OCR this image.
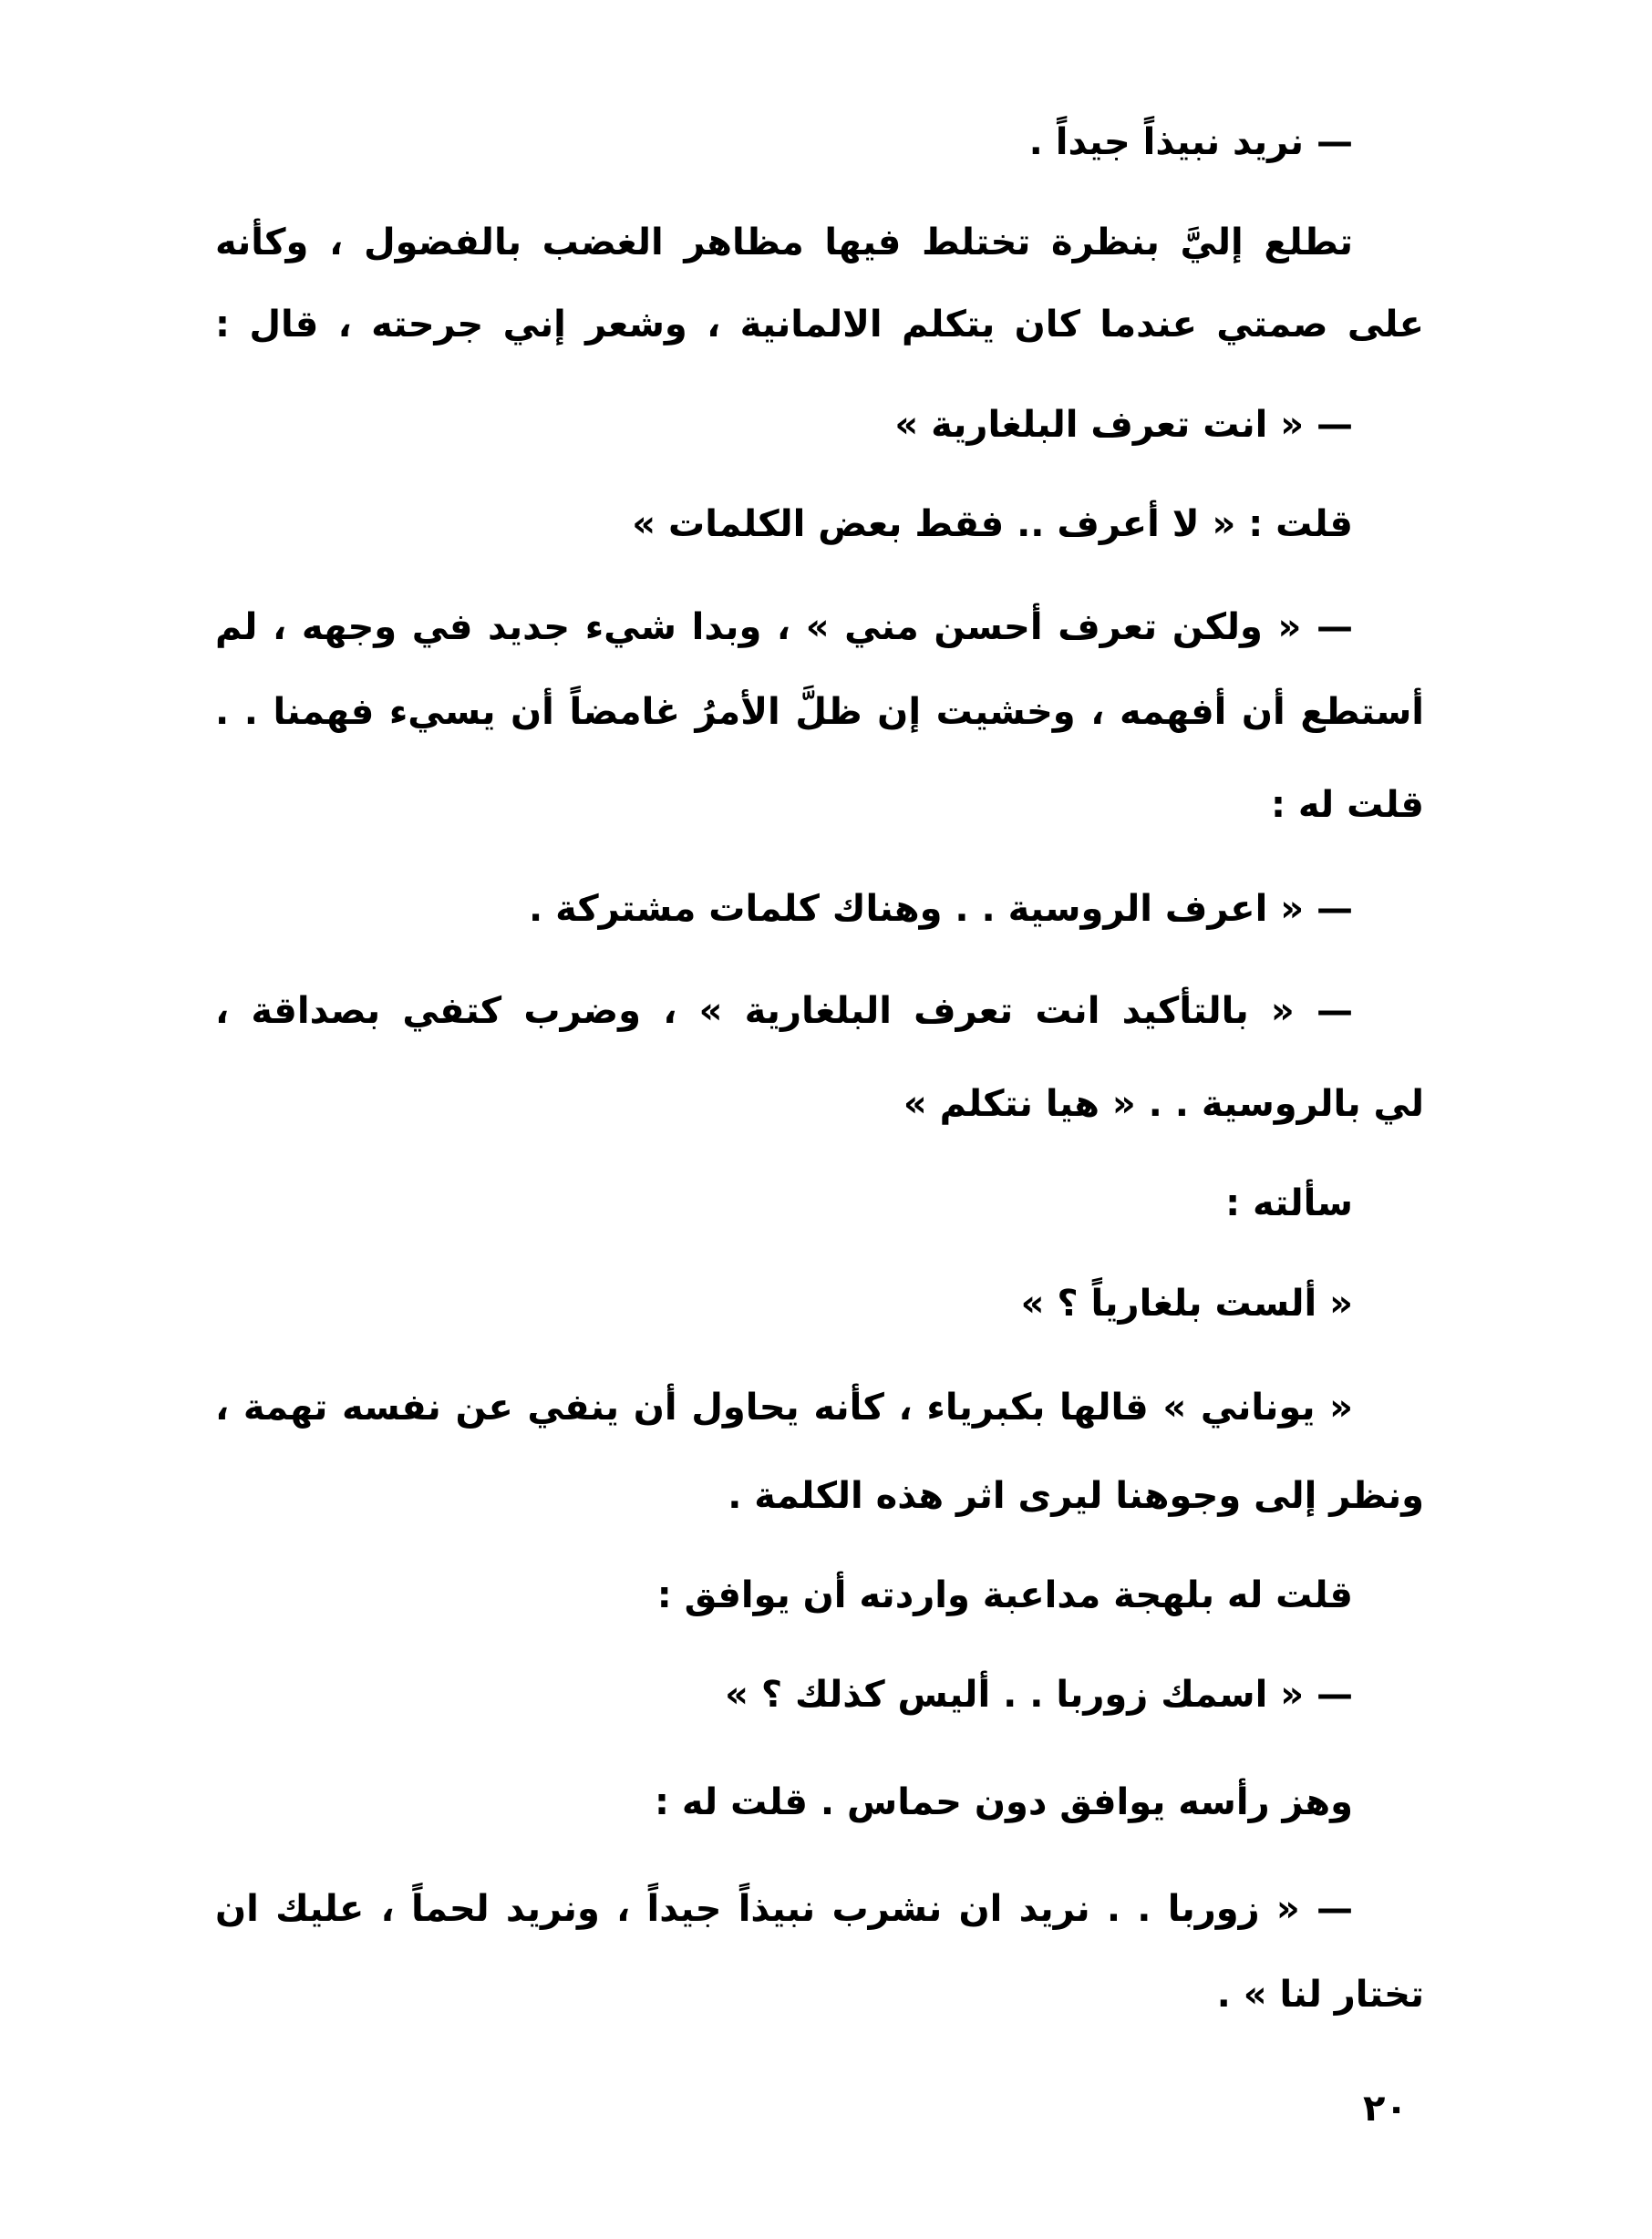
— نريد نبيذاً جيداً .
تطلع إليَّ بنظرة تختلط فيها مظاهر الغضب بالفضول ، وكأنه
على صمتي عندما كان يتكلم الالمانية ، وشعر إني جرحته ، قال :
— « انت تعرف البلغارية »
قلت : « لا أعرف .. فقط بعض الكلمات »
— « ولكن تعرف أحسن مني » ، وبدا شيء جديد في وجهه ، لم
أستطع أن أفهمه ، وخشيت إن ظلَّ الأمرُ غامضاً أن يسيء فهمنا . .
قلت له :
— « اعرف الروسية . . وهناك كلمات مشتركة .
— « بالتأكيد انت تعرف البلغارية » ، وضرب كتفي بصداقة ،
لي بالروسية . . « هيا نتكلم »
سألته :
« ألست بلغارياً ؟ »
« يوناني » قالها بكبرياء ، كأنه يحاول أن ينفي عن نفسه تهمة ،
ونظر إلى وجوهنا ليرى اثر هذه الكلمة .
قلت له بلهجة مداعبة واردته أن يوافق :
— « اسمك زوربا . . أليس كذلك ؟ »
وهز رأسه يوافق دون حماس . قلت له :
— « زوربا . . نريد ان نشرب نبيذاً جيداً ، ونريد لحماً ، عليك ان
تختار لنا » .
٢٠
